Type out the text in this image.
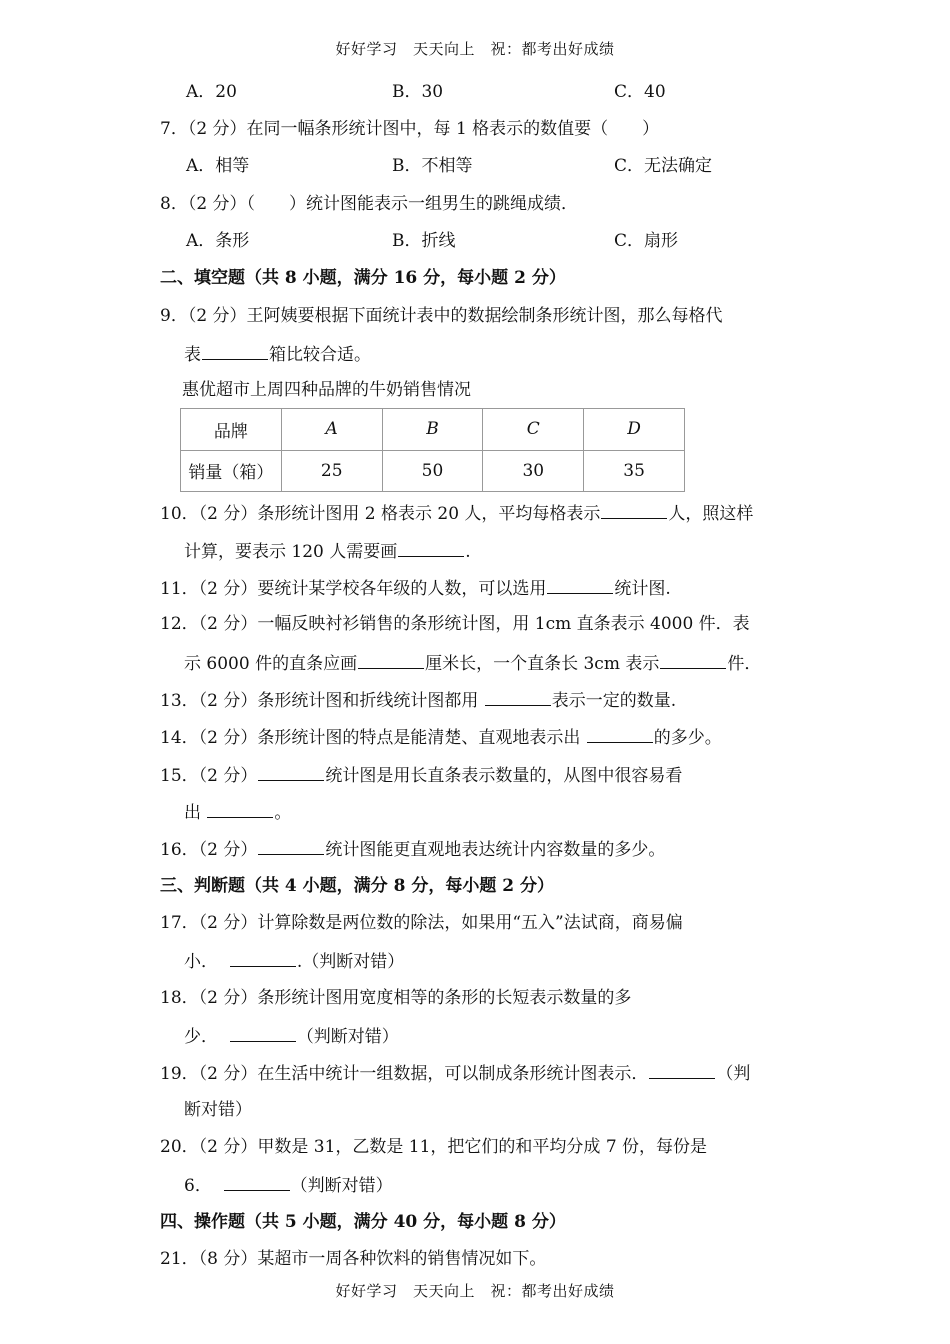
好好学习　天天向上　祝：都考出好成绩
A．20	B．30	C．40
7．（2 分）在同一幅条形统计图中，每 1 格表示的数值要（　　）
A．相等	B．不相等	C．无法确定
8．（2 分）（　　）统计图能表示一组男生的跳绳成绩．
A．条形	B．折线	C．扇形
二、填空题（共 8 小题，满分 16 分，每小题 2 分）
9．（2 分）王阿姨要根据下面统计表中的数据绘制条形统计图，那么每格代
表	箱比较合适。
惠优超市上周四种品牌的牛奶销售情况
品牌	A	B	C	D
销量（箱）	25	50	30	35
10．（2 分）条形统计图用 2 格表示 20 人，平均每格表示	人，照这样
计算，要表示 120 人需要画	.
11．（2 分）要统计某学校各年级的人数，可以选用	统计图.
12．（2 分）一幅反映衬衫销售的条形统计图，用 1cm 直条表示 4000 件．表
示 6000 件的直条应画	厘米长，一个直条长 3cm 表示	件．
13．（2 分）条形统计图和折线统计图都用	表示一定的数量.
14．（2 分）条形统计图的特点是能清楚、直观地表示出	的多少。
15．（2 分）	统计图是用长直条表示数量的，从图中很容易看
出	。
16．（2 分）	统计图能更直观地表达统计内容数量的多少。
三、判断题（共 4 小题，满分 8 分，每小题 2 分）
17．（2 分）计算除数是两位数的除法，如果用“五入”法试商，商易偏
小．	.（判断对错）
18．（2 分）条形统计图用宽度相等的条形的长短表示数量的多
少．	（判断对错）
19．（2 分）在生活中统计一组数据，可以制成条形统计图表示．	（判
断对错）
20．（2 分）甲数是 31，乙数是 11，把它们的和平均分成 7 份，每份是
6．	（判断对错）
四、操作题（共 5 小题，满分 40 分，每小题 8 分）
21．（8 分）某超市一周各种饮料的销售情况如下。
好好学习　天天向上　祝：都考出好成绩
